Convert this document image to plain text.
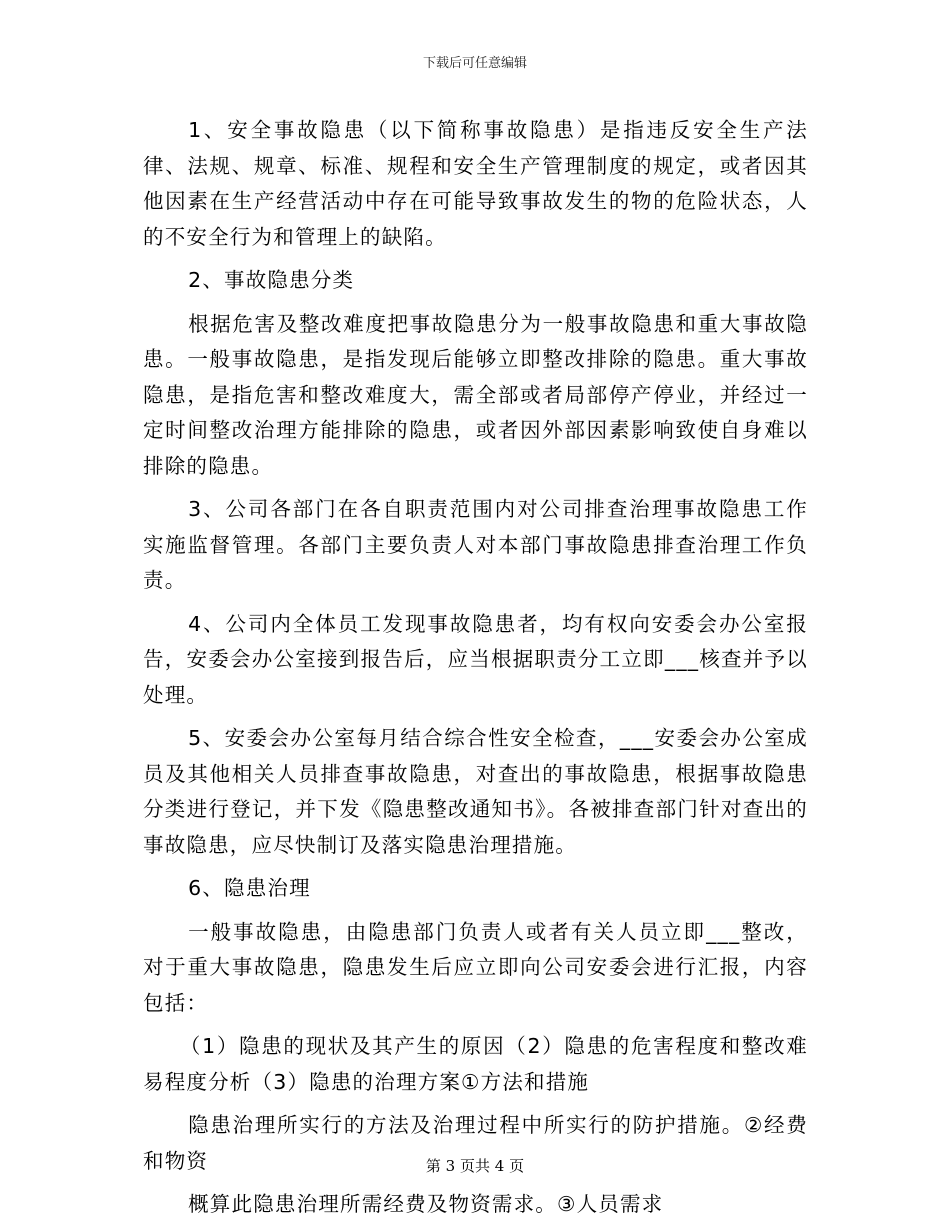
下载后可任意编辑

1、安全事故隐患（以下简称事故隐患）是指违反安全生产法律、法规、规章、标准、规程和安全生产管理制度的规定，或者因其他因素在生产经营活动中存在可能导致事故发生的物的危险状态，人的不安全行为和管理上的缺陷。

2、事故隐患分类

根据危害及整改难度把事故隐患分为一般事故隐患和重大事故隐患。一般事故隐患，是指发现后能够立即整改排除的隐患。重大事故隐患，是指危害和整改难度大，需全部或者局部停产停业，并经过一定时间整改治理方能排除的隐患，或者因外部因素影响致使自身难以排除的隐患。

3、公司各部门在各自职责范围内对公司排查治理事故隐患工作实施监督管理。各部门主要负责人对本部门事故隐患排查治理工作负责。

4、公司内全体员工发现事故隐患者，均有权向安委会办公室报告，安委会办公室接到报告后，应当根据职责分工立即___核查并予以处理。

5、安委会办公室每月结合综合性安全检查，___安委会办公室成员及其他相关人员排查事故隐患，对查出的事故隐患，根据事故隐患分类进行登记，并下发《隐患整改通知书》。各被排查部门针对查出的事故隐患，应尽快制订及落实隐患治理措施。

6、隐患治理

一般事故隐患，由隐患部门负责人或者有关人员立即___整改，对于重大事故隐患，隐患发生后应立即向公司安委会进行汇报，内容包括：

（1）隐患的现状及其产生的原因（2）隐患的危害程度和整改难易程度分析（3）隐患的治理方案①方法和措施

隐患治理所实行的方法及治理过程中所实行的防护措施。②经费和物资

概算此隐患治理所需经费及物资需求。③人员需求

第 3 页共 4 页
